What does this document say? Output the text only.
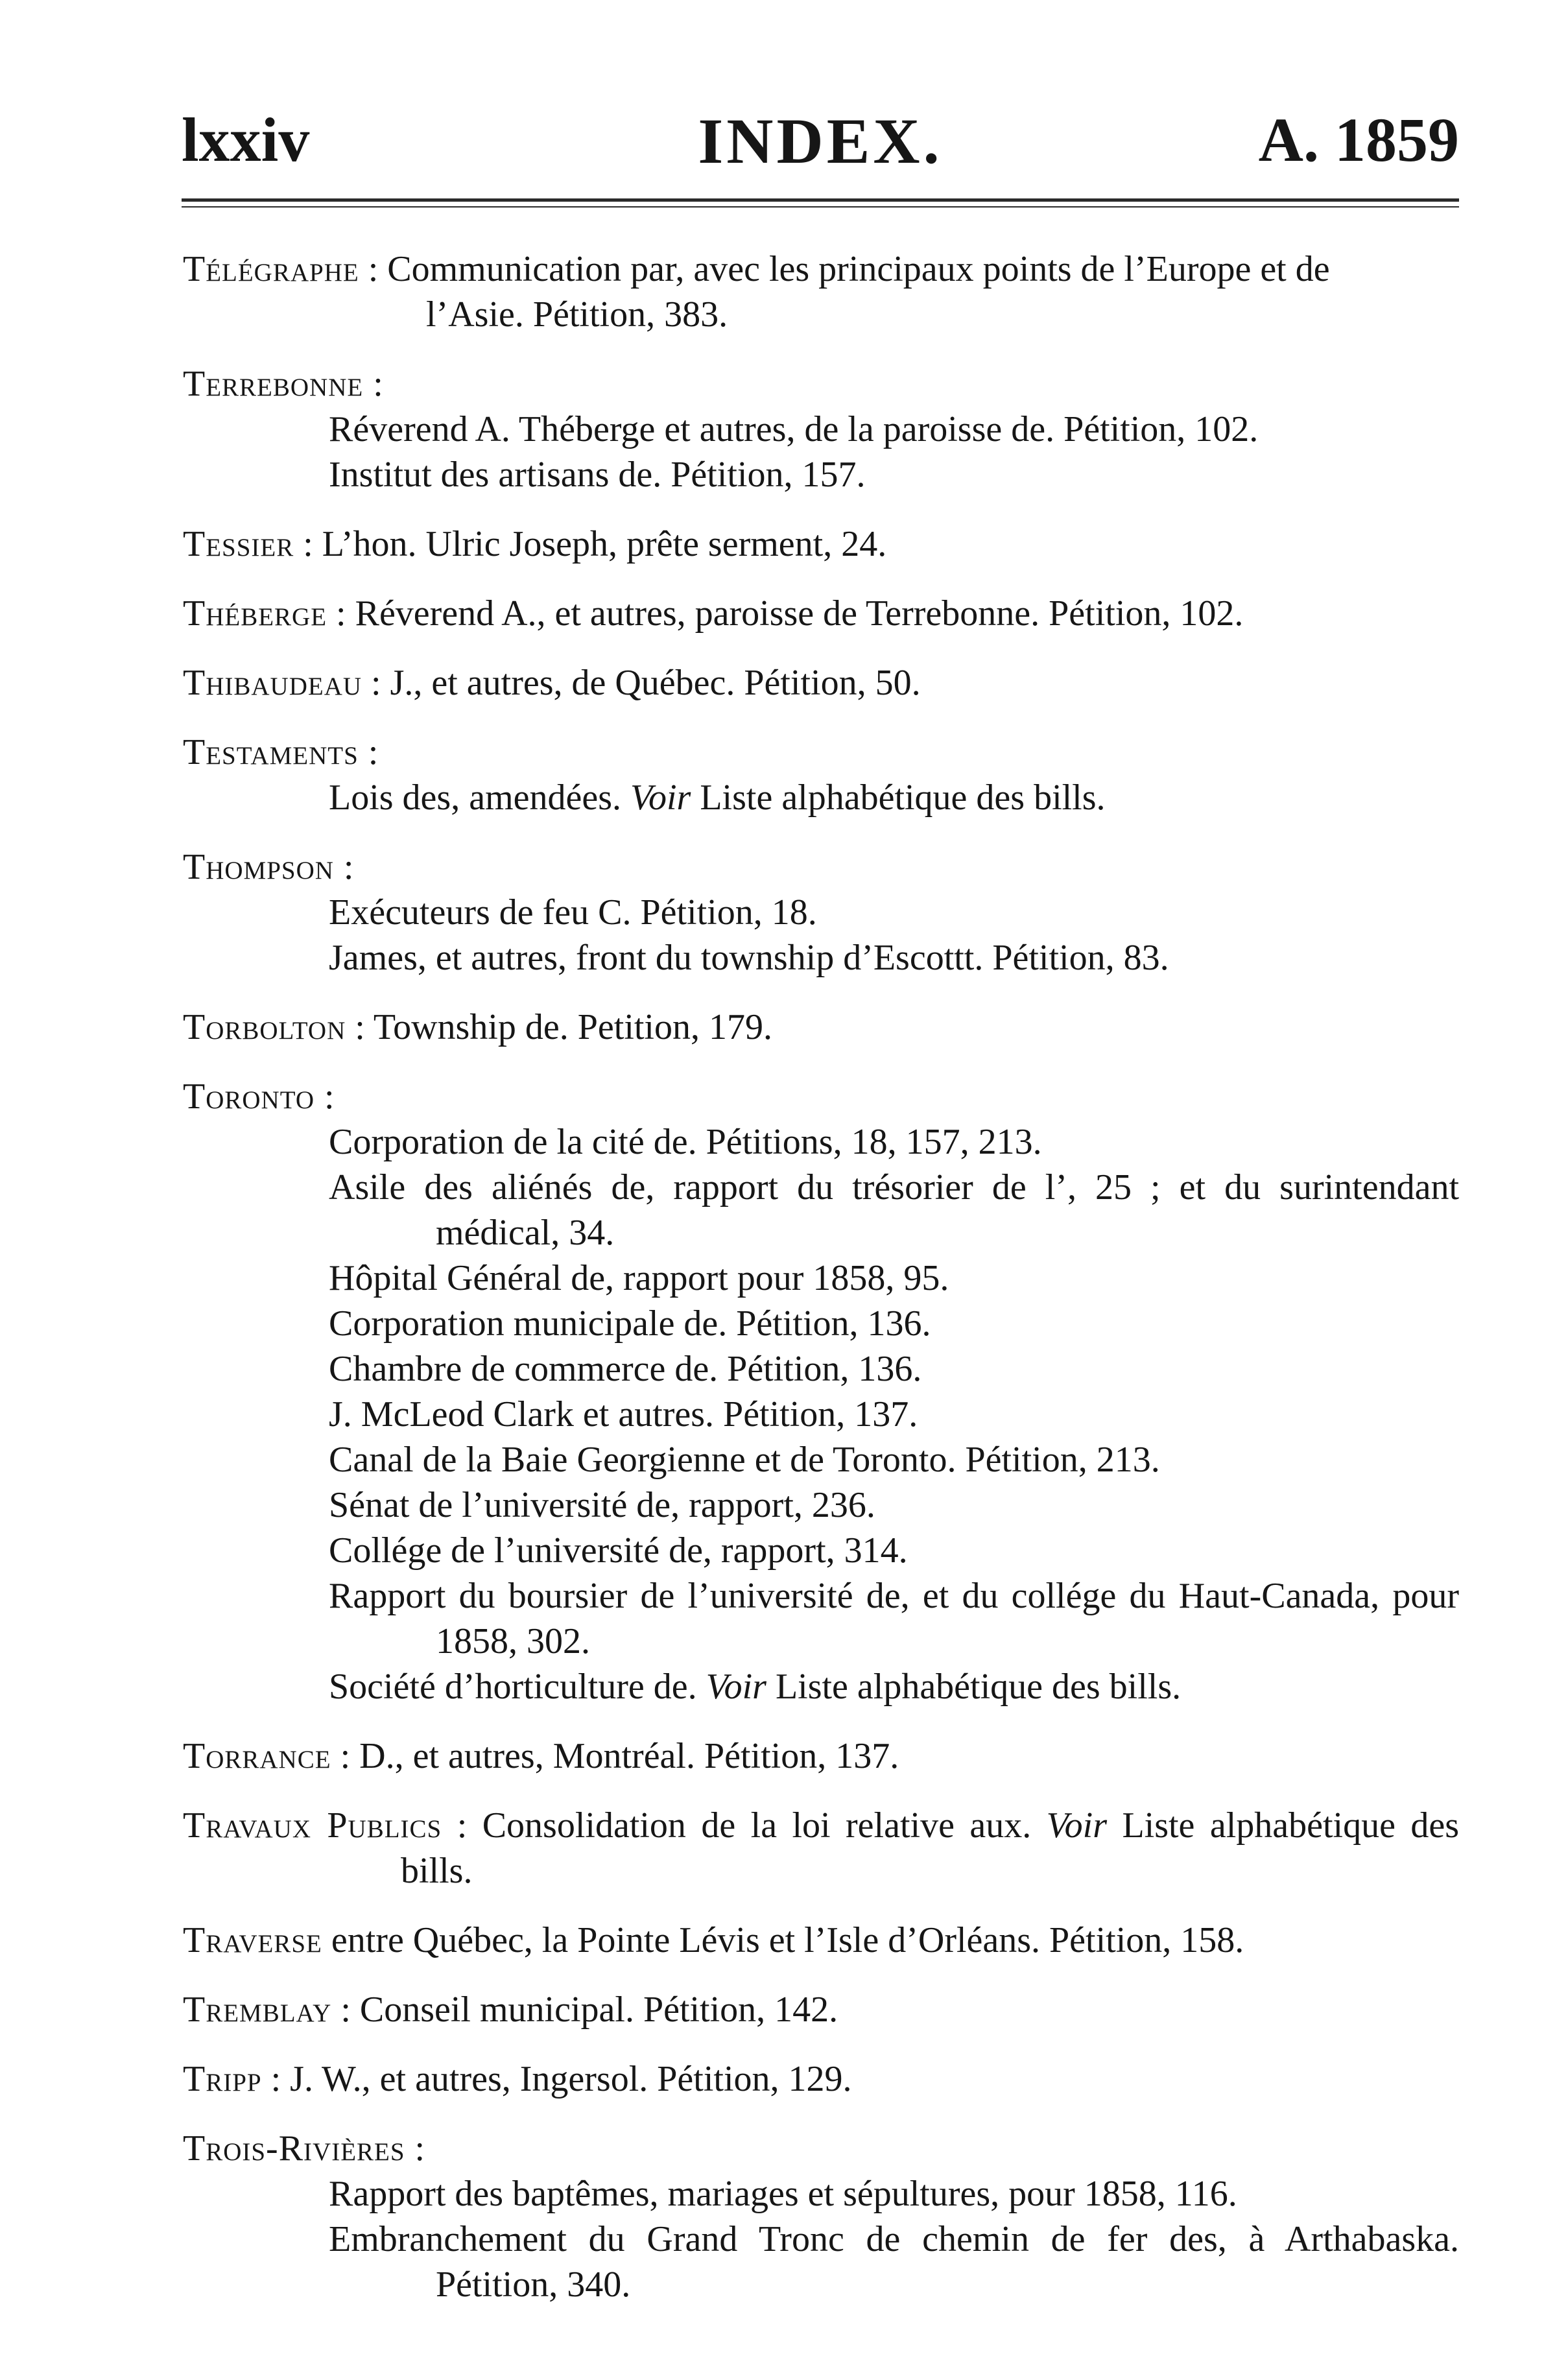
lxxiv	INDEX.	A. 1859
Télégraphe : Communication par, avec les principaux points de l’Europe et de
l’Asie. Pétition, 383.
Terrebonne :
Réverend A. Théberge et autres, de la paroisse de. Pétition, 102.
Institut des artisans de. Pétition, 157.
Tessier : L’hon. Ulric Joseph, prête serment, 24.
Théberge : Réverend A., et autres, paroisse de Terrebonne. Pétition, 102.
Thibaudeau : J., et autres, de Québec. Pétition, 50.
Testaments :
Lois des, amendées. Voir Liste alphabétique des bills.
Thompson :
Exécuteurs de feu C. Pétition, 18.
James, et autres, front du township d’Escottt. Pétition, 83.
Torbolton : Township de. Petition, 179.
Toronto :
Corporation de la cité de. Pétitions, 18, 157, 213.
Asile des aliénés de, rapport du trésorier de l’, 25 ; et du surintendant médical, 34.
Hôpital Général de, rapport pour 1858, 95.
Corporation municipale de. Pétition, 136.
Chambre de commerce de. Pétition, 136.
J. McLeod Clark et autres. Pétition, 137.
Canal de la Baie Georgienne et de Toronto. Pétition, 213.
Sénat de l’université de, rapport, 236.
Collége de l’université de, rapport, 314.
Rapport du boursier de l’université de, et du collége du Haut-Canada, pour 1858, 302.
Société d’horticulture de. Voir Liste alphabétique des bills.
Torrance : D., et autres, Montréal. Pétition, 137.
Travaux Publics : Consolidation de la loi relative aux. Voir Liste alphabétique des bills.
Traverse entre Québec, la Pointe Lévis et l’Isle d’Orléans. Pétition, 158.
Tremblay : Conseil municipal. Pétition, 142.
Tripp : J. W., et autres, Ingersol. Pétition, 129.
Trois-Rivières :
Rapport des baptêmes, mariages et sépultures, pour 1858, 116.
Embranchement du Grand Tronc de chemin de fer des, à Arthabaska. Pétition, 340.
